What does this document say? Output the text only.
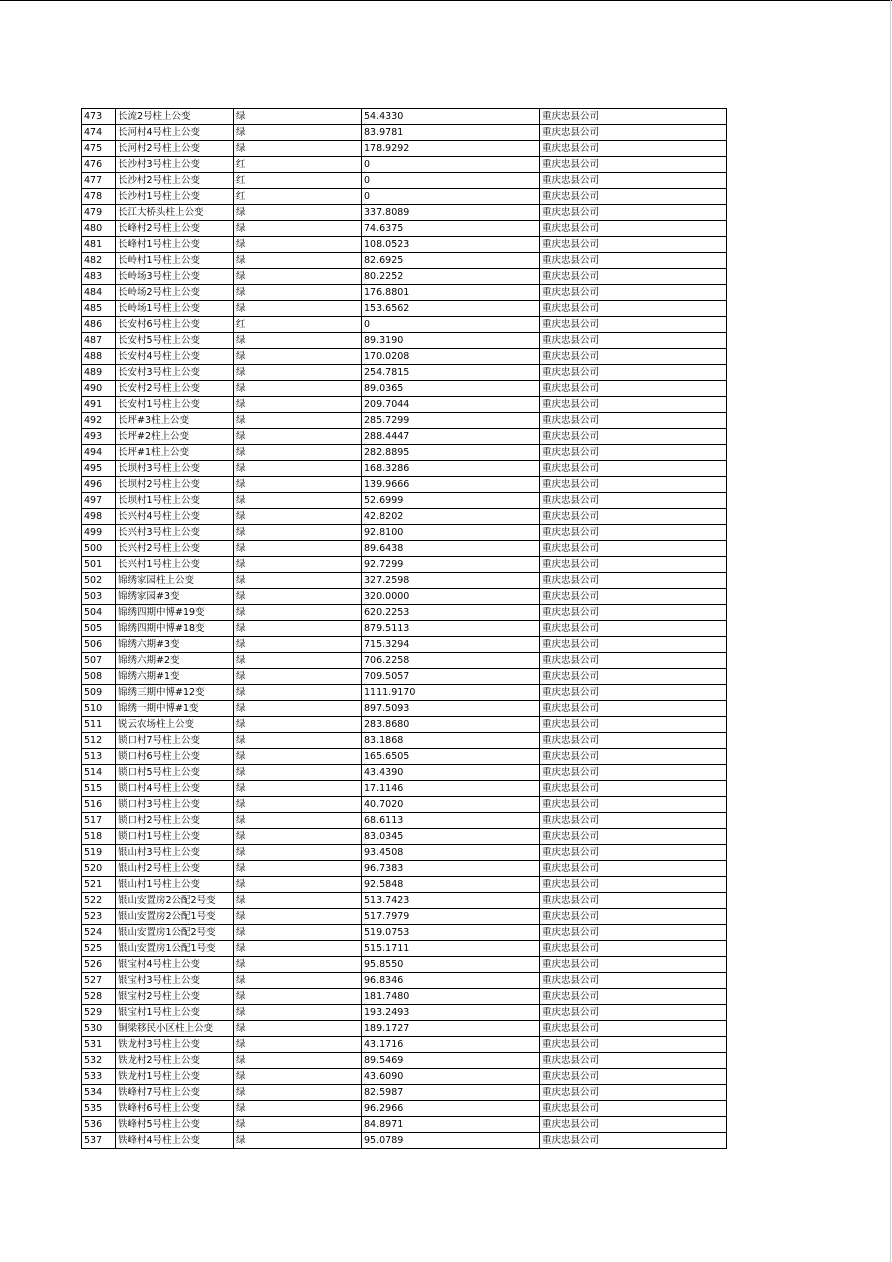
473	长流2号柱上公变	绿	54.4330	重庆忠县公司
474	长河村4号柱上公变	绿	83.9781	重庆忠县公司
475	长河村2号柱上公变	绿	178.9292	重庆忠县公司
476	长沙村3号柱上公变	红	0	重庆忠县公司
477	长沙村2号柱上公变	红	0	重庆忠县公司
478	长沙村1号柱上公变	红	0	重庆忠县公司
479	长江大桥头柱上公变	绿	337.8089	重庆忠县公司
480	长峰村2号柱上公变	绿	74.6375	重庆忠县公司
481	长峰村1号柱上公变	绿	108.0523	重庆忠县公司
482	长岭村1号柱上公变	绿	82.6925	重庆忠县公司
483	长岭场3号柱上公变	绿	80.2252	重庆忠县公司
484	长岭场2号柱上公变	绿	176.8801	重庆忠县公司
485	长岭场1号柱上公变	绿	153.6562	重庆忠县公司
486	长安村6号柱上公变	红	0	重庆忠县公司
487	长安村5号柱上公变	绿	89.3190	重庆忠县公司
488	长安村4号柱上公变	绿	170.0208	重庆忠县公司
489	长安村3号柱上公变	绿	254.7815	重庆忠县公司
490	长安村2号柱上公变	绿	89.0365	重庆忠县公司
491	长安村1号柱上公变	绿	209.7044	重庆忠县公司
492	长坪#3柱上公变	绿	285.7299	重庆忠县公司
493	长坪#2柱上公变	绿	288.4447	重庆忠县公司
494	长坪#1柱上公变	绿	282.8895	重庆忠县公司
495	长坝村3号柱上公变	绿	168.3286	重庆忠县公司
496	长坝村2号柱上公变	绿	139.9666	重庆忠县公司
497	长坝村1号柱上公变	绿	52.6999	重庆忠县公司
498	长兴村4号柱上公变	绿	42.8202	重庆忠县公司
499	长兴村3号柱上公变	绿	92.8100	重庆忠县公司
500	长兴村2号柱上公变	绿	89.6438	重庆忠县公司
501	长兴村1号柱上公变	绿	92.7299	重庆忠县公司
502	锦绣家园柱上公变	绿	327.2598	重庆忠县公司
503	锦绣家园#3变	绿	320.0000	重庆忠县公司
504	锦绣四期中博#19变	绿	620.2253	重庆忠县公司
505	锦绣四期中博#18变	绿	879.5113	重庆忠县公司
506	锦绣六期#3变	绿	715.3294	重庆忠县公司
507	锦绣六期#2变	绿	706.2258	重庆忠县公司
508	锦绣六期#1变	绿	709.5057	重庆忠县公司
509	锦绣三期中博#12变	绿	1111.9170	重庆忠县公司
510	锦绣一期中博#1变	绿	897.5093	重庆忠县公司
511	锐云农场柱上公变	绿	283.8680	重庆忠县公司
512	锁口村7号柱上公变	绿	83.1868	重庆忠县公司
513	锁口村6号柱上公变	绿	165.6505	重庆忠县公司
514	锁口村5号柱上公变	绿	43.4390	重庆忠县公司
515	锁口村4号柱上公变	绿	17.1146	重庆忠县公司
516	锁口村3号柱上公变	绿	40.7020	重庆忠县公司
517	锁口村2号柱上公变	绿	68.6113	重庆忠县公司
518	锁口村1号柱上公变	绿	83.0345	重庆忠县公司
519	银山村3号柱上公变	绿	93.4508	重庆忠县公司
520	银山村2号柱上公变	绿	96.7383	重庆忠县公司
521	银山村1号柱上公变	绿	92.5848	重庆忠县公司
522	银山安置房2公配2号变	绿	513.7423	重庆忠县公司
523	银山安置房2公配1号变	绿	517.7979	重庆忠县公司
524	银山安置房1公配2号变	绿	519.0753	重庆忠县公司
525	银山安置房1公配1号变	绿	515.1711	重庆忠县公司
526	银宝村4号柱上公变	绿	95.8550	重庆忠县公司
527	银宝村3号柱上公变	绿	96.8346	重庆忠县公司
528	银宝村2号柱上公变	绿	181.7480	重庆忠县公司
529	银宝村1号柱上公变	绿	193.2493	重庆忠县公司
530	铜梁移民小区柱上公变	绿	189.1727	重庆忠县公司
531	铁龙村3号柱上公变	绿	43.1716	重庆忠县公司
532	铁龙村2号柱上公变	绿	89.5469	重庆忠县公司
533	铁龙村1号柱上公变	绿	43.6090	重庆忠县公司
534	铁峰村7号柱上公变	绿	82.5987	重庆忠县公司
535	铁峰村6号柱上公变	绿	96.2966	重庆忠县公司
536	铁峰村5号柱上公变	绿	84.8971	重庆忠县公司
537	铁峰村4号柱上公变	绿	95.0789	重庆忠县公司
